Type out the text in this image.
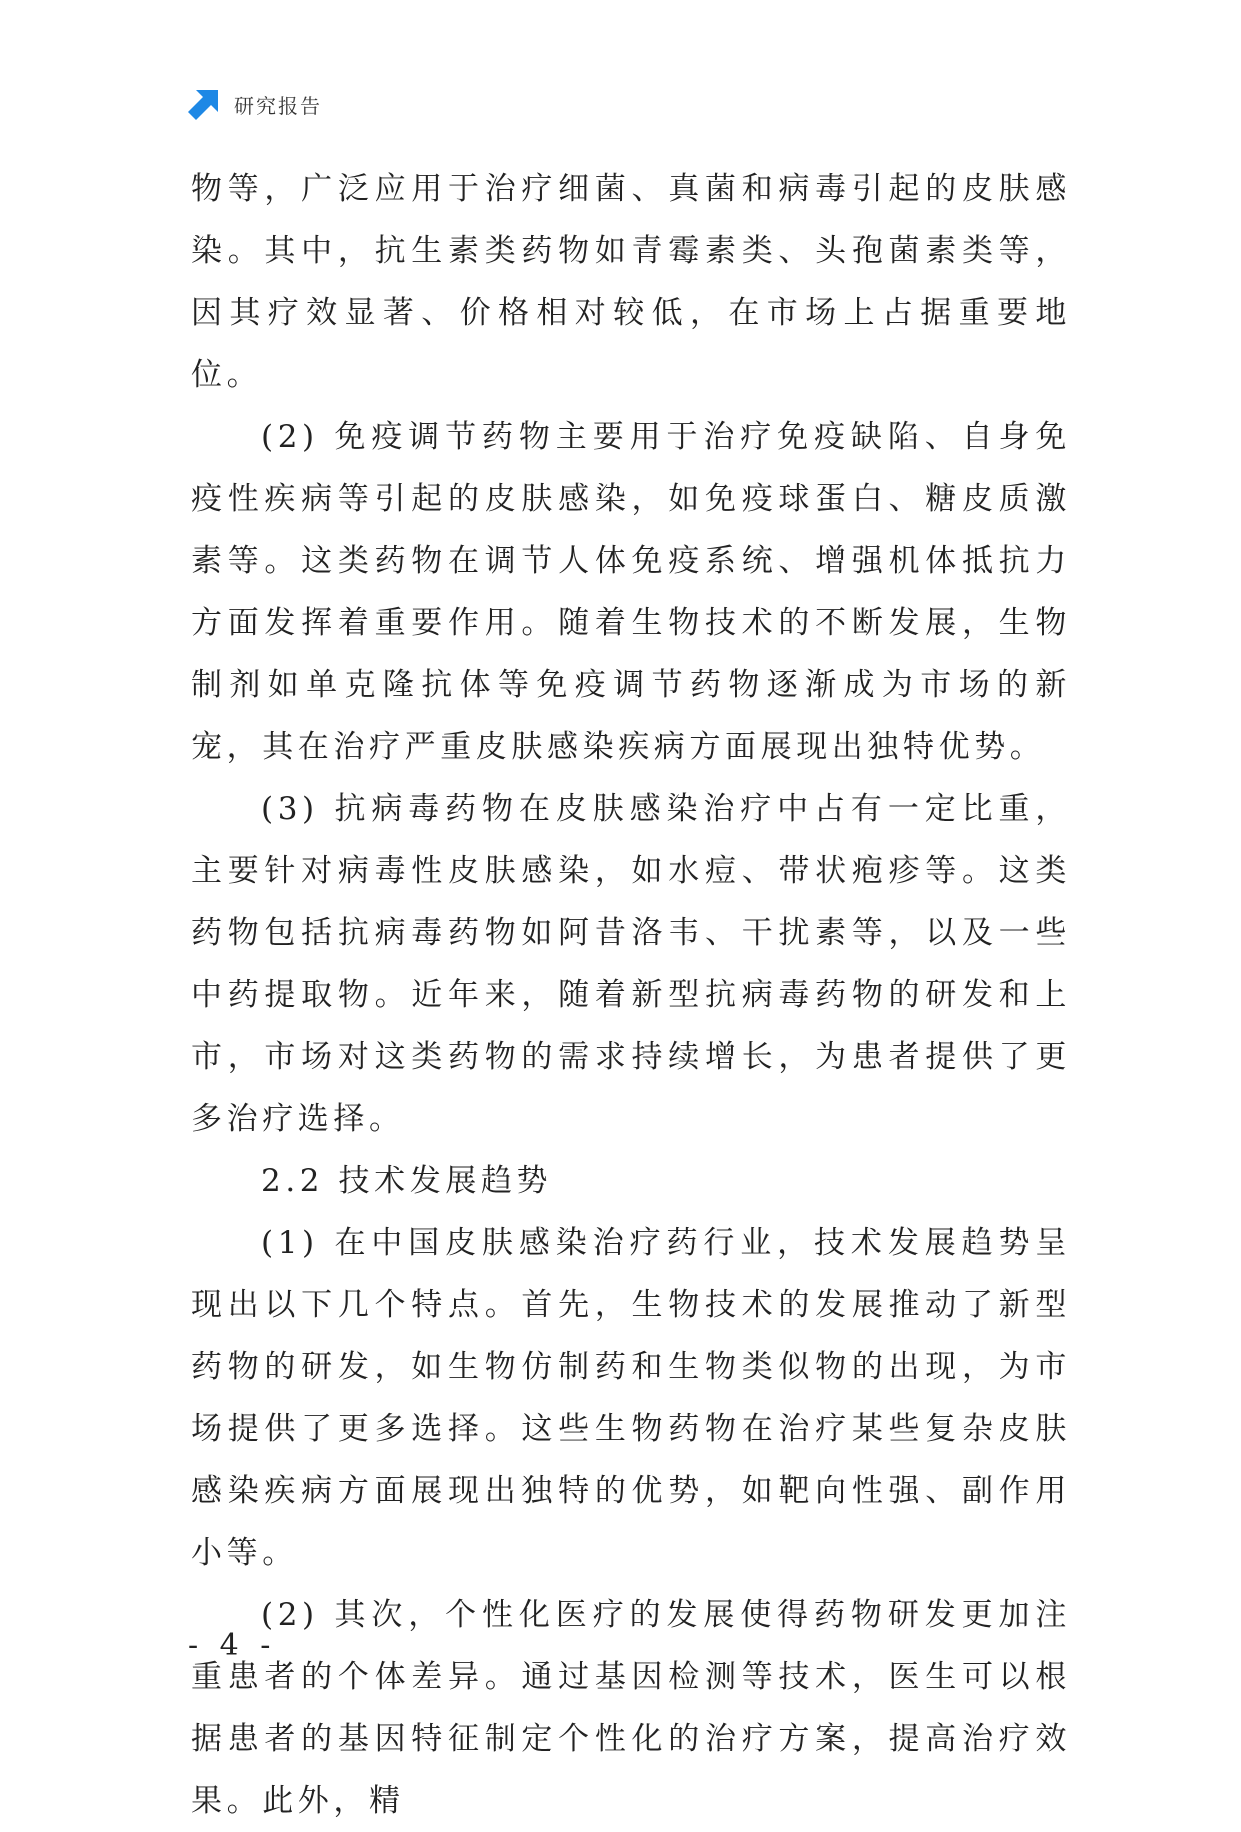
研究报告

物等，广泛应用于治疗细菌、真菌和病毒引起的皮肤感染。其中，抗生素类药物如青霉素类、头孢菌素类等，因其疗效显著、价格相对较低，在市场上占据重要地位。

(2) 免疫调节药物主要用于治疗免疫缺陷、自身免疫性疾病等引起的皮肤感染，如免疫球蛋白、糖皮质激素等。这类药物在调节人体免疫系统、增强机体抵抗力方面发挥着重要作用。随着生物技术的不断发展，生物制剂如单克隆抗体等免疫调节药物逐渐成为市场的新宠，其在治疗严重皮肤感染疾病方面展现出独特优势。

(3) 抗病毒药物在皮肤感染治疗中占有一定比重，主要针对病毒性皮肤感染，如水痘、带状疱疹等。这类药物包括抗病毒药物如阿昔洛韦、干扰素等，以及一些中药提取物。近年来，随着新型抗病毒药物的研发和上市，市场对这类药物的需求持续增长，为患者提供了更多治疗选择。

2.2 技术发展趋势

(1) 在中国皮肤感染治疗药行业，技术发展趋势呈现出以下几个特点。首先，生物技术的发展推动了新型药物的研发，如生物仿制药和生物类似物的出现，为市场提供了更多选择。这些生物药物在治疗某些复杂皮肤感染疾病方面展现出独特的优势，如靶向性强、副作用小等。

(2) 其次，个性化医疗的发展使得药物研发更加注重患者的个体差异。通过基因检测等技术，医生可以根据患者的基因特征制定个性化的治疗方案，提高治疗效果。此外，精

- 4 -
